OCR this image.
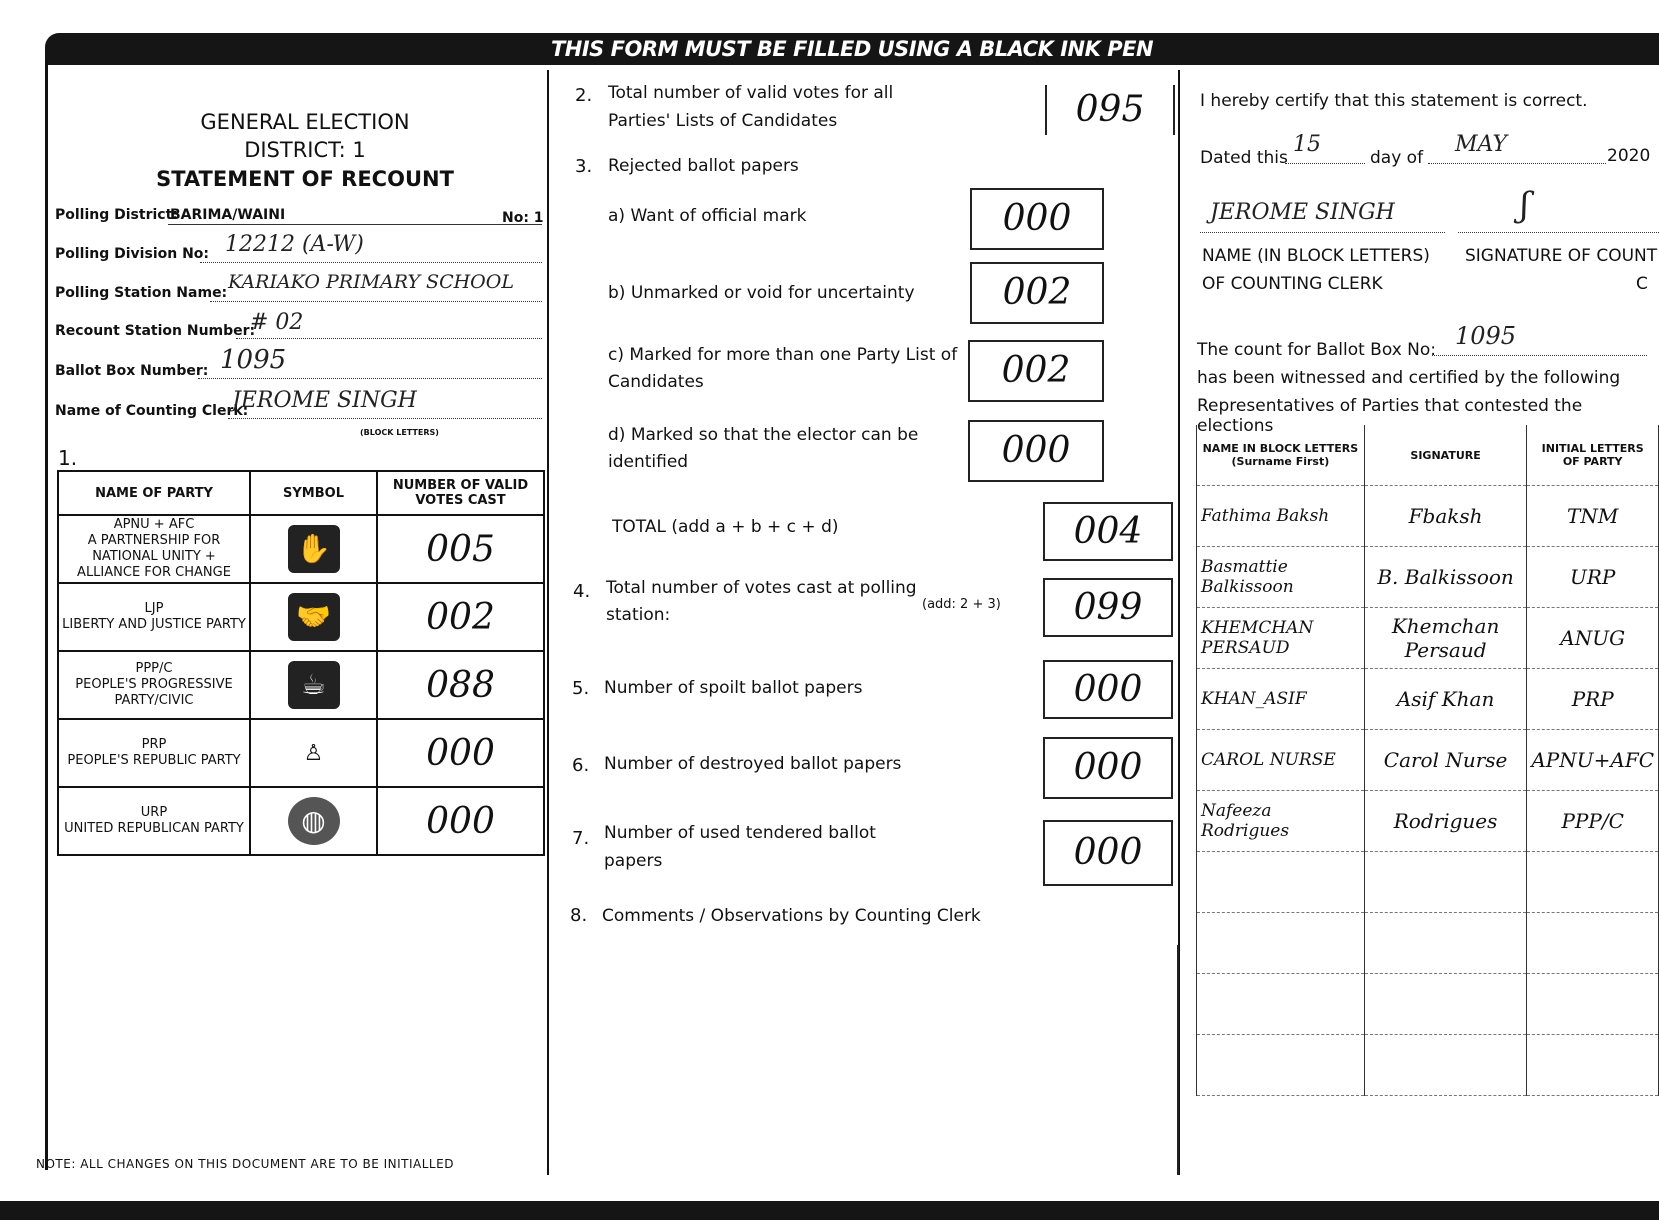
THIS FORM MUST BE FILLED USING A BLACK INK PEN
GENERAL ELECTION
DISTRICT: 1
STATEMENT OF RECOUNT
Polling District:
BARIMA/WAINI	No: 1
Polling Division No: 12212 (A-W)
Polling Station Name: KARIAKO PRIMARY SCHOOL
Recount Station Number:
# 02
Ballot Box Number: 1095
Name of Counting Clerk:
JEROME SINGH
(BLOCK LETTERS)
1.
NAME OF PARTY	SYMBOL	NUMBER OF VALID VOTES CAST

APNU + AFC
A PARTNERSHIP FOR NATIONAL UNITY + ALLIANCE FOR CHANGE	✋	005

LJP
LIBERTY AND JUSTICE PARTY	🤝	002

PPP/C
PEOPLE'S PROGRESSIVE PARTY/CIVIC	☕	088

PRP
PEOPLE'S REPUBLIC PARTY	♙	000

URP
UNITED REPUBLICAN PARTY	◍	000
NOTE: ALL CHANGES ON THIS DOCUMENT ARE TO BE INITIALLED
2. Total number of valid votes for all
Parties' Lists of Candidates	095
3. Rejected ballot papers
a) Want of official mark	000
b) Unmarked or void for uncertainty	002
c) Marked for more than one Party List of
Candidates	002
d) Marked so that the elector can be
identified	000
TOTAL (add a + b + c + d)	004
4. Total number of votes cast at polling
station:
(add: 2 + 3)	099
5. Number of spoilt ballot papers	000
6. Number of destroyed ballot papers	000
7. Number of used tendered ballot
papers	000
8. Comments / Observations by Counting Clerk
I hereby certify that this statement is correct.
Dated this
15
day of
MAY	2020
JEROME SINGH	ʃ
NAME (IN BLOCK LETTERS)
OF COUNTING CLERK
SIGNATURE OF COUNT
C
The count for Ballot Box No: 1095
has been witnessed and certified by the following
Representatives of Parties that contested the elections
NAME IN BLOCK LETTERS (Surname First)	SIGNATURE	INITIAL LETTERS OF PARTY
Fathima Baksh	Fbaksh	TNM
Basmattie Balkissoon	B. Balkissoon	URP
KHEMCHAN PERSAUD	Khemchan Persaud	ANUG
KHAN_ASIF	Asif Khan	PRP
CAROL NURSE	Carol Nurse	APNU+AFC
Nafeeza Rodrigues	Rodrigues	PPP/C
